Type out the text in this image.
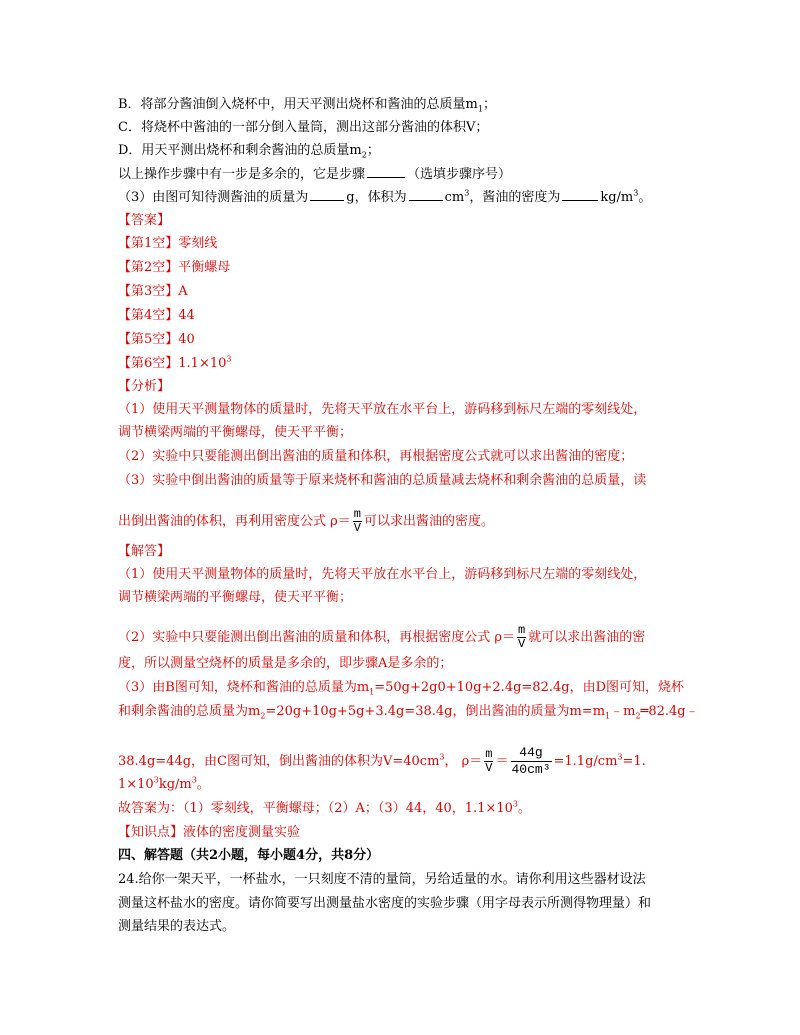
B．将部分酱油倒入烧杯中，用天平测出烧杯和酱油的总质量$m_1$；
C．将烧杯中酱油的一部分倒入量筒，测出这部分酱油的体积V；
D．用天平测出烧杯和剩余酱油的总质量$m_2$；
以上操作步骤中有一步是多余的，它是步骤	（选填步骤序号）
（3）由图可知待测酱油的质量为	g，体积为	$cm^3$，酱油的密度为	$kg/m^3$。
【答案】
【第1空】零刻线
【第2空】平衡螺母
【第3空】A
【第4空】44
【第5空】40
【第6空】$1.1\times 10^3$
【分析】
（1）使用天平测量物体的质量时，先将天平放在水平台上，游码移到标尺左端的零刻线处，
调节横梁两端的平衡螺母，使天平平衡；
（2）实验中只要能测出倒出酱油的质量和体积，再根据密度公式就可以求出酱油的密度；
（3）实验中倒出酱油的质量等于原来烧杯和酱油的总质量减去烧杯和剩余酱油的总质量，读
出倒出酱油的体积，再利用密度公式 $\rho= \frac{m}{V}$ 可以求出酱油的密度。
【解答】
（1）使用天平测量物体的质量时，先将天平放在水平台上，游码移到标尺左端的零刻线处，
调节横梁两端的平衡螺母，使天平平衡；
（2）实验中只要能测出倒出酱油的质量和体积，再根据密度公式 $\rho= \frac{m}{V}$ 就可以求出酱油的密
度，所以测量空烧杯的质量是多余的，即步骤A是多余的；
（3）由B图可知，烧杯和酱油的总质量为$m_1=50g+2g0+10g+2.4g=82.4g$，由D图可知，烧杯
和剩余酱油的总质量为$m_2=20g+10g+5g+3.4g=38.4g$，倒出酱油的质量为$m=m_1﹣m_2═82.4g﹣$
38.4g=44g，由C图可知，倒出酱油的体积为$V=40cm^3$， $\rho= \frac{m}{V} = \frac{44g}{\text{40cm³}} =1.1g/cm^3=1$.
$1\times 10^3kg/m^3$。
故答案为：（1）零刻线，平衡螺母；（2）A；（3）44，40，$1.1\times 10^3$。
【知识点】液体的密度测量实验
四、解答题（共2小题，每小题4分，共8分）
24.给你一架天平，一杯盐水，一只刻度不清的量筒，另给适量的水。请你利用这些器材设法
测量这杯盐水的密度。请你简要写出测量盐水密度的实验步骤（用字母表示所测得物理量）和
测量结果的表达式。
